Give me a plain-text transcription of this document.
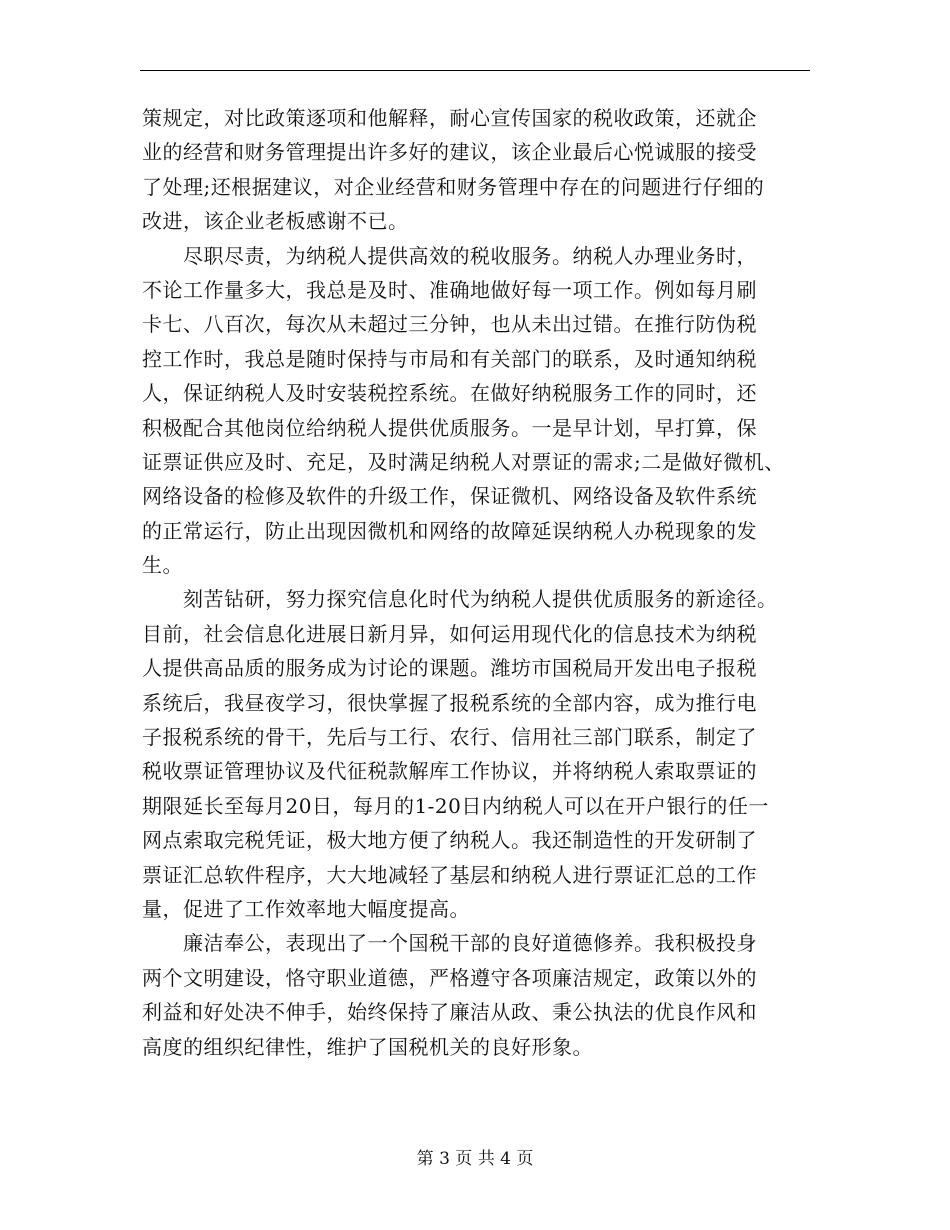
策规定，对比政策逐项和他解释，耐心宣传国家的税收政策，还就企
业的经营和财务管理提出许多好的建议，该企业最后心悦诚服的接受
了处理;还根据建议，对企业经营和财务管理中存在的问题进行仔细的
改进，该企业老板感谢不已。
　　尽职尽责，为纳税人提供高效的税收服务。纳税人办理业务时，
不论工作量多大，我总是及时、准确地做好每一项工作。例如每月刷
卡七、八百次，每次从未超过三分钟，也从未出过错。在推行防伪税
控工作时，我总是随时保持与市局和有关部门的联系，及时通知纳税
人，保证纳税人及时安装税控系统。在做好纳税服务工作的同时，还
积极配合其他岗位给纳税人提供优质服务。一是早计划，早打算，保
证票证供应及时、充足，及时满足纳税人对票证的需求;二是做好微机、
网络设备的检修及软件的升级工作，保证微机、网络设备及软件系统
的正常运行，防止出现因微机和网络的故障延误纳税人办税现象的发
生。
　　刻苦钻研，努力探究信息化时代为纳税人提供优质服务的新途径。
目前，社会信息化进展日新月异，如何运用现代化的信息技术为纳税
人提供高品质的服务成为讨论的课题。潍坊市国税局开发出电子报税
系统后，我昼夜学习，很快掌握了报税系统的全部内容，成为推行电
子报税系统的骨干，先后与工行、农行、信用社三部门联系，制定了
税收票证管理协议及代征税款解库工作协议，并将纳税人索取票证的
期限延长至每月20日，每月的1-20日内纳税人可以在开户银行的任一
网点索取完税凭证，极大地方便了纳税人。我还制造性的开发研制了
票证汇总软件程序，大大地减轻了基层和纳税人进行票证汇总的工作
量，促进了工作效率地大幅度提高。
　　廉洁奉公，表现出了一个国税干部的良好道德修养。我积极投身
两个文明建设，恪守职业道德，严格遵守各项廉洁规定，政策以外的
利益和好处决不伸手，始终保持了廉洁从政、秉公执法的优良作风和
高度的组织纪律性，维护了国税机关的良好形象。
第 3 页 共 4 页
